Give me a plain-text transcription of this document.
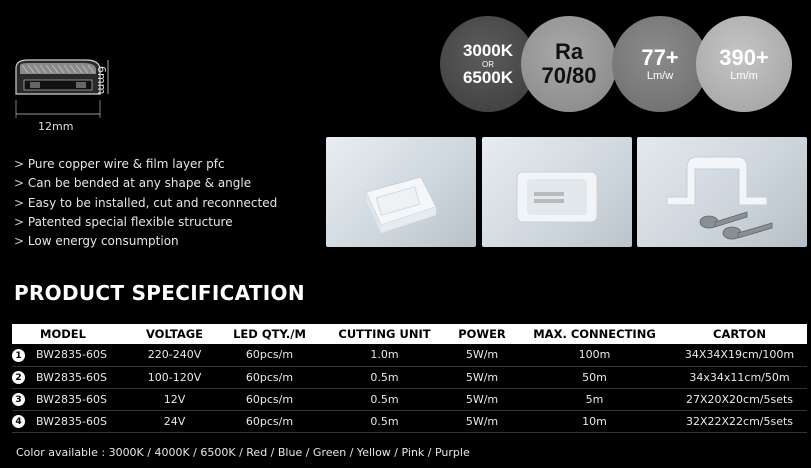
12mm
6mm
3000K
OR
6500K
Ra
70/80
77+
Lm/w
390+
Lm/m
> Pure copper wire & film layer pfc
> Can be bended at any shape & angle
> Easy to be installed, cut and reconnected
> Patented special flexible structure
> Low energy consumption
PRODUCT SPECIFICATION
MODEL		VOLTAGE	LED QTY./M	CUTTING UNIT	POWER	MAX. CONNECTING	CARTON
1	BW2835-60S	220-240V	60pcs/m	1.0m	5W/m	100m	34X34X19cm/100m
2	BW2835-60S	100-120V	60pcs/m	0.5m	5W/m	50m	34x34x11cm/50m
3	BW2835-60S	12V	60pcs/m	0.5m	5W/m	5m	27X20X20cm/5sets
4	BW2835-60S	24V	60pcs/m	0.5m	5W/m	10m	32X22X22cm/5sets
Color available : 3000K / 4000K / 6500K / Red / Blue / Green / Yellow / Pink / Purple
